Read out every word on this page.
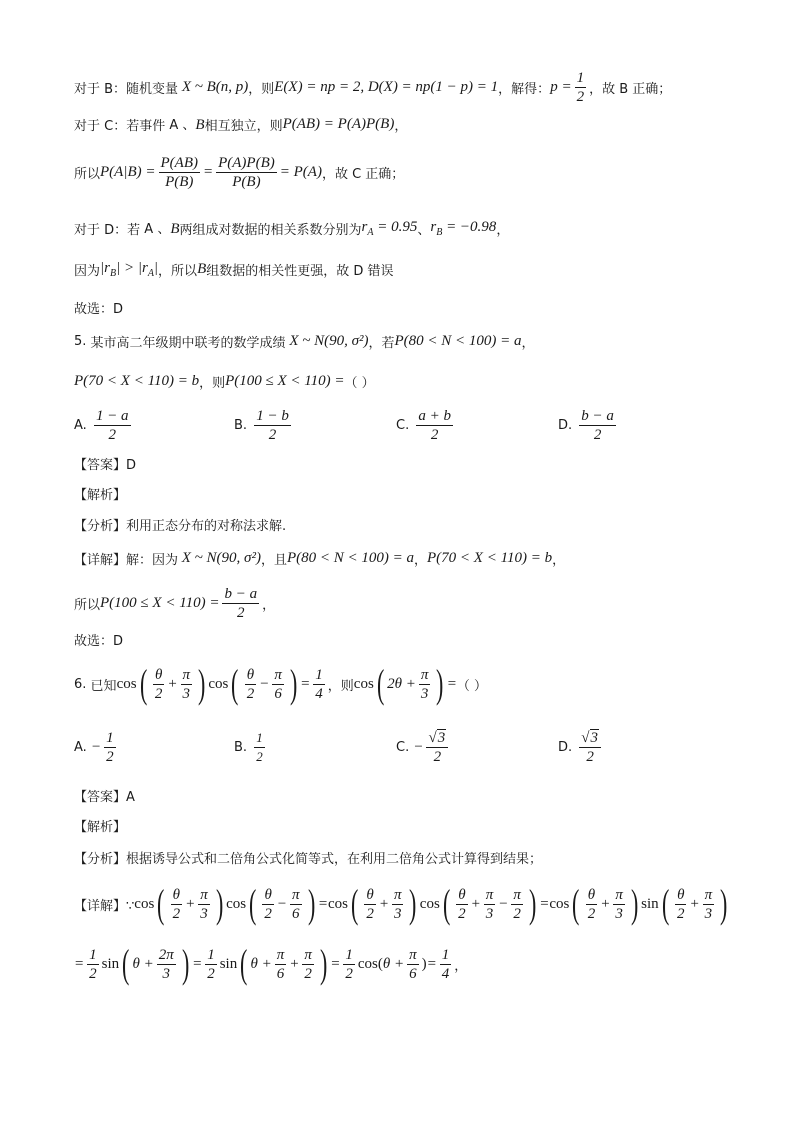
对于 B：随机变量 X ~ B(n, p) ，则 E(X) = np = 2, D(X) = np(1 − p) = 1 ，解得： $p = \frac{1}{2}$ ，故 B 正确；
对于 C：若事件 A 、B 相互独立，则 P(AB) = P(A)P(B) ，
所以 $P(A|B) = \frac{P(AB)}{P(B)} = \frac{P(A)P(B)}{P(B)} = P(A)$ ，故 C 正确；
对于 D：若 A 、B 两组成对数据的相关系数分别为 $r_A = 0.95$ 、 $r_B = -0.98$ ，
因为 $|r_B| > |r_A|$ ，所以 B 组数据的相关性更强，故 D 错误
故选：D
5.
某市高二年级期中联考的数学成绩 X ~ N(90, σ²) ，若 P(80 < N < 100) = a ，
P(70 < X < 110) = b ，则 P(100 ≤ X < 110) = （ ）
A.

1 − a
2
B.

1 − b
2
C.

a + b
2
D.

b − a
2
【答案】D
【解析】
【分析】利用正态分布的对称法求解.
【详解】解：因为 X ~ N(90, σ²) ，且 P(80 < N < 100) = a ， P(70 < X < 110) = b ，
所以 $P(100 \le X < 110) = \frac{b - a}{2}$ ，
故选：D
6.
已知 cos ( θ
2
+ $\frac{\pi}{3}$ ) cos ( θ
2
− $\frac{\pi}{6}$ ) = $\frac{1}{4}$ ，则 cos ( $2\theta + \frac{\pi}{3}$ ) = （ ）
A.
− $\frac{1}{2}$	B.

1
2
C.
− $\frac{√3}{2}$	D.

√3
2
【答案】A
【解析】
【分析】根据诱导公式和二倍角公式化简等式，在利用二倍角公式计算得到结果；
【详解】∵ cos ( θ
2
+ $\frac{\pi}{3}$ ) cos ( θ
2
− $\frac{\pi}{6}$ ) = cos ( θ
2
+ $\frac{\pi}{3}$ ) cos ( θ
2
+ $\frac{\pi}{3} - \frac{\pi}{2}$ ) = cos ( θ
2
+ $\frac{\pi}{3}$ ) sin ( θ
2
+ $\frac{\pi}{3}$ )
= $\frac{1}{2}$ sin ( $\theta + \frac{2\pi}{3}$ ) = $\frac{1}{2}$ sin ( $\theta + \frac{\pi}{6} + \frac{\pi}{2}$ ) = $\frac{1}{2} \cos$( $\theta + \frac{\pi}{6}$ ) = $\frac{1}{4}$ ，
